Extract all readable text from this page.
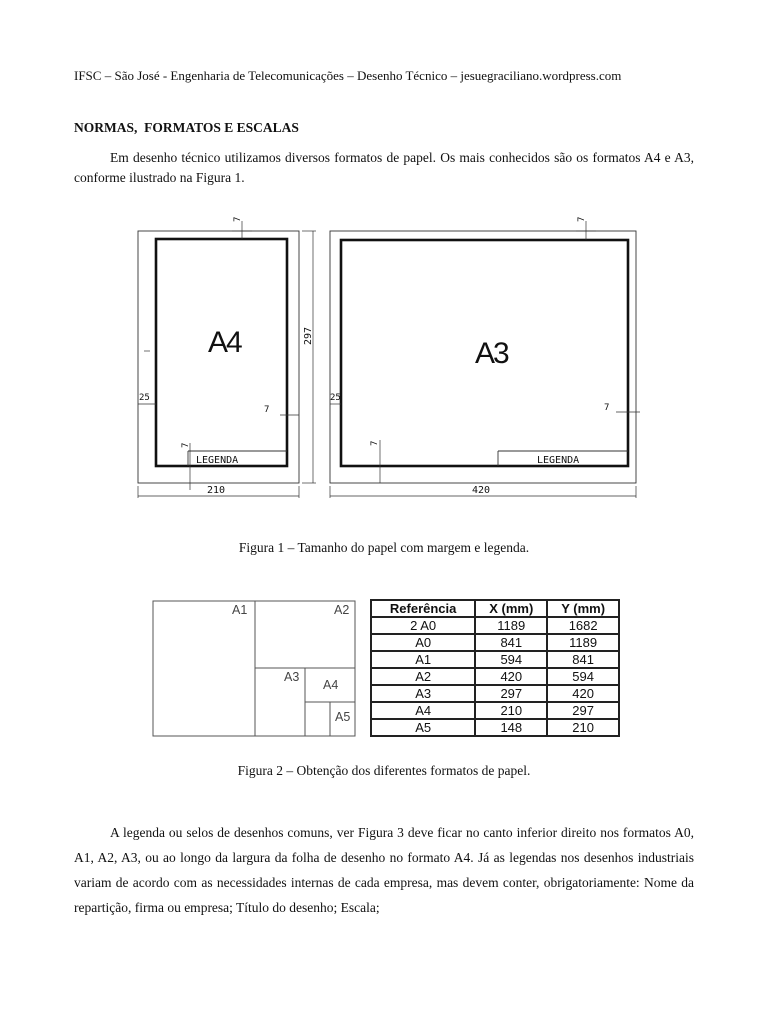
IFSC – São José - Engenharia de Telecomunicações – Desenho Técnico – jesuegraciliano.wordpress.com
NORMAS,  FORMATOS E ESCALAS

Em desenho técnico utilizamos diversos formatos de papel. Os mais conhecidos são os formatos A4 e A3, conforme ilustrado na Figura 1.

A4	A3
LEGENDA	LEGENDA
210	420
297
25	25
7	7
7	7
7	7
A1	A2
A3
A4
A5
Figura 1 – Tamanho do papel com margem e legenda.
Referência	X (mm)	Y (mm)
2 A0	1189	1682
A0	841	1189
A1	594	841
A2	420	594
A3	297	420
A4	210	297
A5	148	210
Figura 2 – Obtenção dos diferentes formatos de papel.

A legenda ou selos de desenhos comuns, ver Figura 3 deve ficar no canto inferior direito nos formatos A0, A1, A2, A3, ou ao longo da largura da folha de desenho no formato A4. Já as legendas nos desenhos industriais variam de acordo com as necessidades internas de cada empresa, mas devem conter, obrigatoriamente: Nome da repartição, firma ou empresa; Título do desenho; Escala;
